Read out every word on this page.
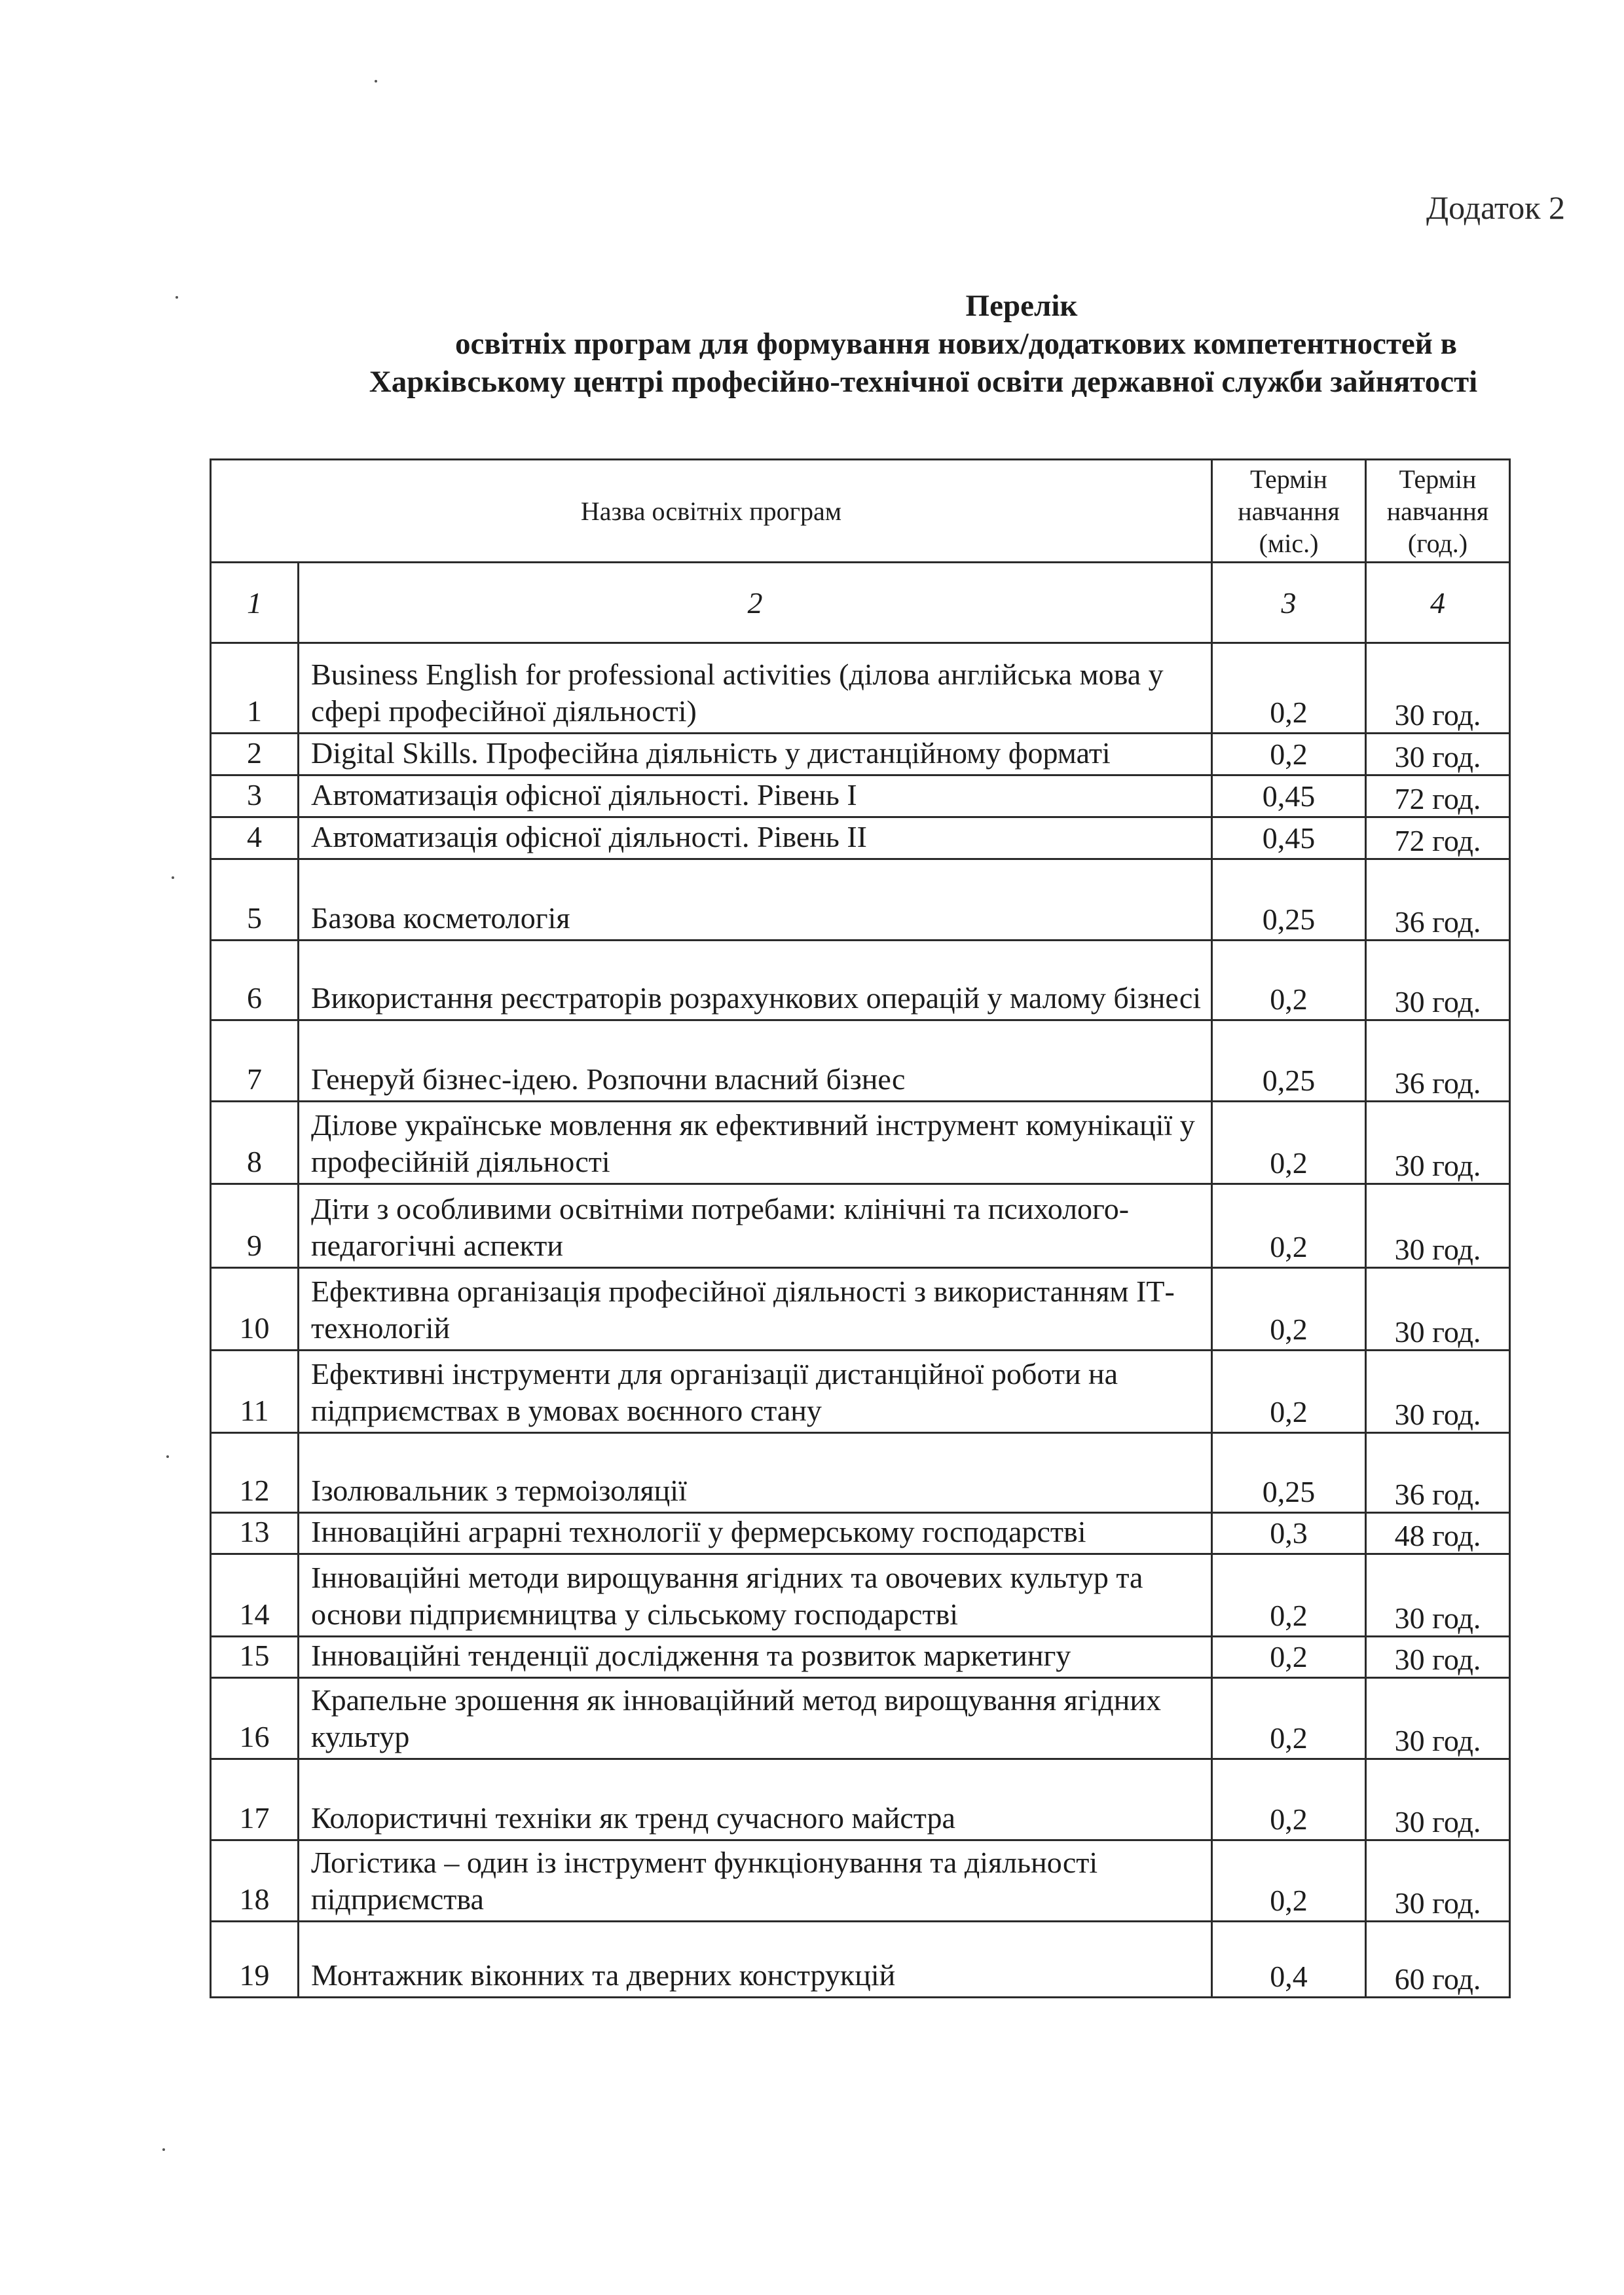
Додаток 2
Перелік
освітніх програм для формування нових/додаткових компетентностей в
Харківському центрі професійно-технічної освіти державної служби зайнятості
Назва освітніх програм		Термін навчання (міс.)	Термін навчання (год.)
1	2	3	4
1	Business English for professional activities (ділова англійська мова у сфері професійної діяльності)	0,2	30 год.
2	Digital Skills. Професійна діяльність у дистанційному форматі	0,2	30 год.
3	Автоматизація офісної діяльності. Рівень І	0,45	72 год.
4	Автоматизація офісної діяльності. Рівень ІІ	0,45	72 год.
5	Базова косметологія	0,25	36 год.
6	Використання реєстраторів розрахункових операцій у малому бізнесі	0,2	30 год.
7	Генеруй бізнес-ідею. Розпочни власний бізнес	0,25	36 год.
8	Ділове українське мовлення як ефективний інструмент комунікації у професійній діяльності	0,2	30 год.
9	Діти з особливими освітніми потребами: клінічні та психолого-педагогічні аспекти	0,2	30 год.
10	Ефективна організація професійної діяльності з використанням ІТ-технологій	0,2	30 год.
11	Ефективні інструменти для організації дистанційної роботи на підприємствах в умовах воєнного стану	0,2	30 год.
12	Ізолювальник з термоізоляції	0,25	36 год.
13	Інноваційні аграрні технології у фермерському господарстві	0,3	48 год.
14	Інноваційні методи вирощування ягідних та овочевих культур та основи підприємництва у сільському господарстві	0,2	30 год.
15	Інноваційні тенденції дослідження та розвиток маркетингу	0,2	30 год.
16	Крапельне зрошення як інноваційний метод вирощування ягідних культур	0,2	30 год.
17	Колористичні техніки як тренд сучасного майстра	0,2	30 год.
18	Логістика – один із інструмент функціонування та діяльності підприємства	0,2	30 год.
19	Монтажник віконних та дверних конструкцій	0,4	60 год.
